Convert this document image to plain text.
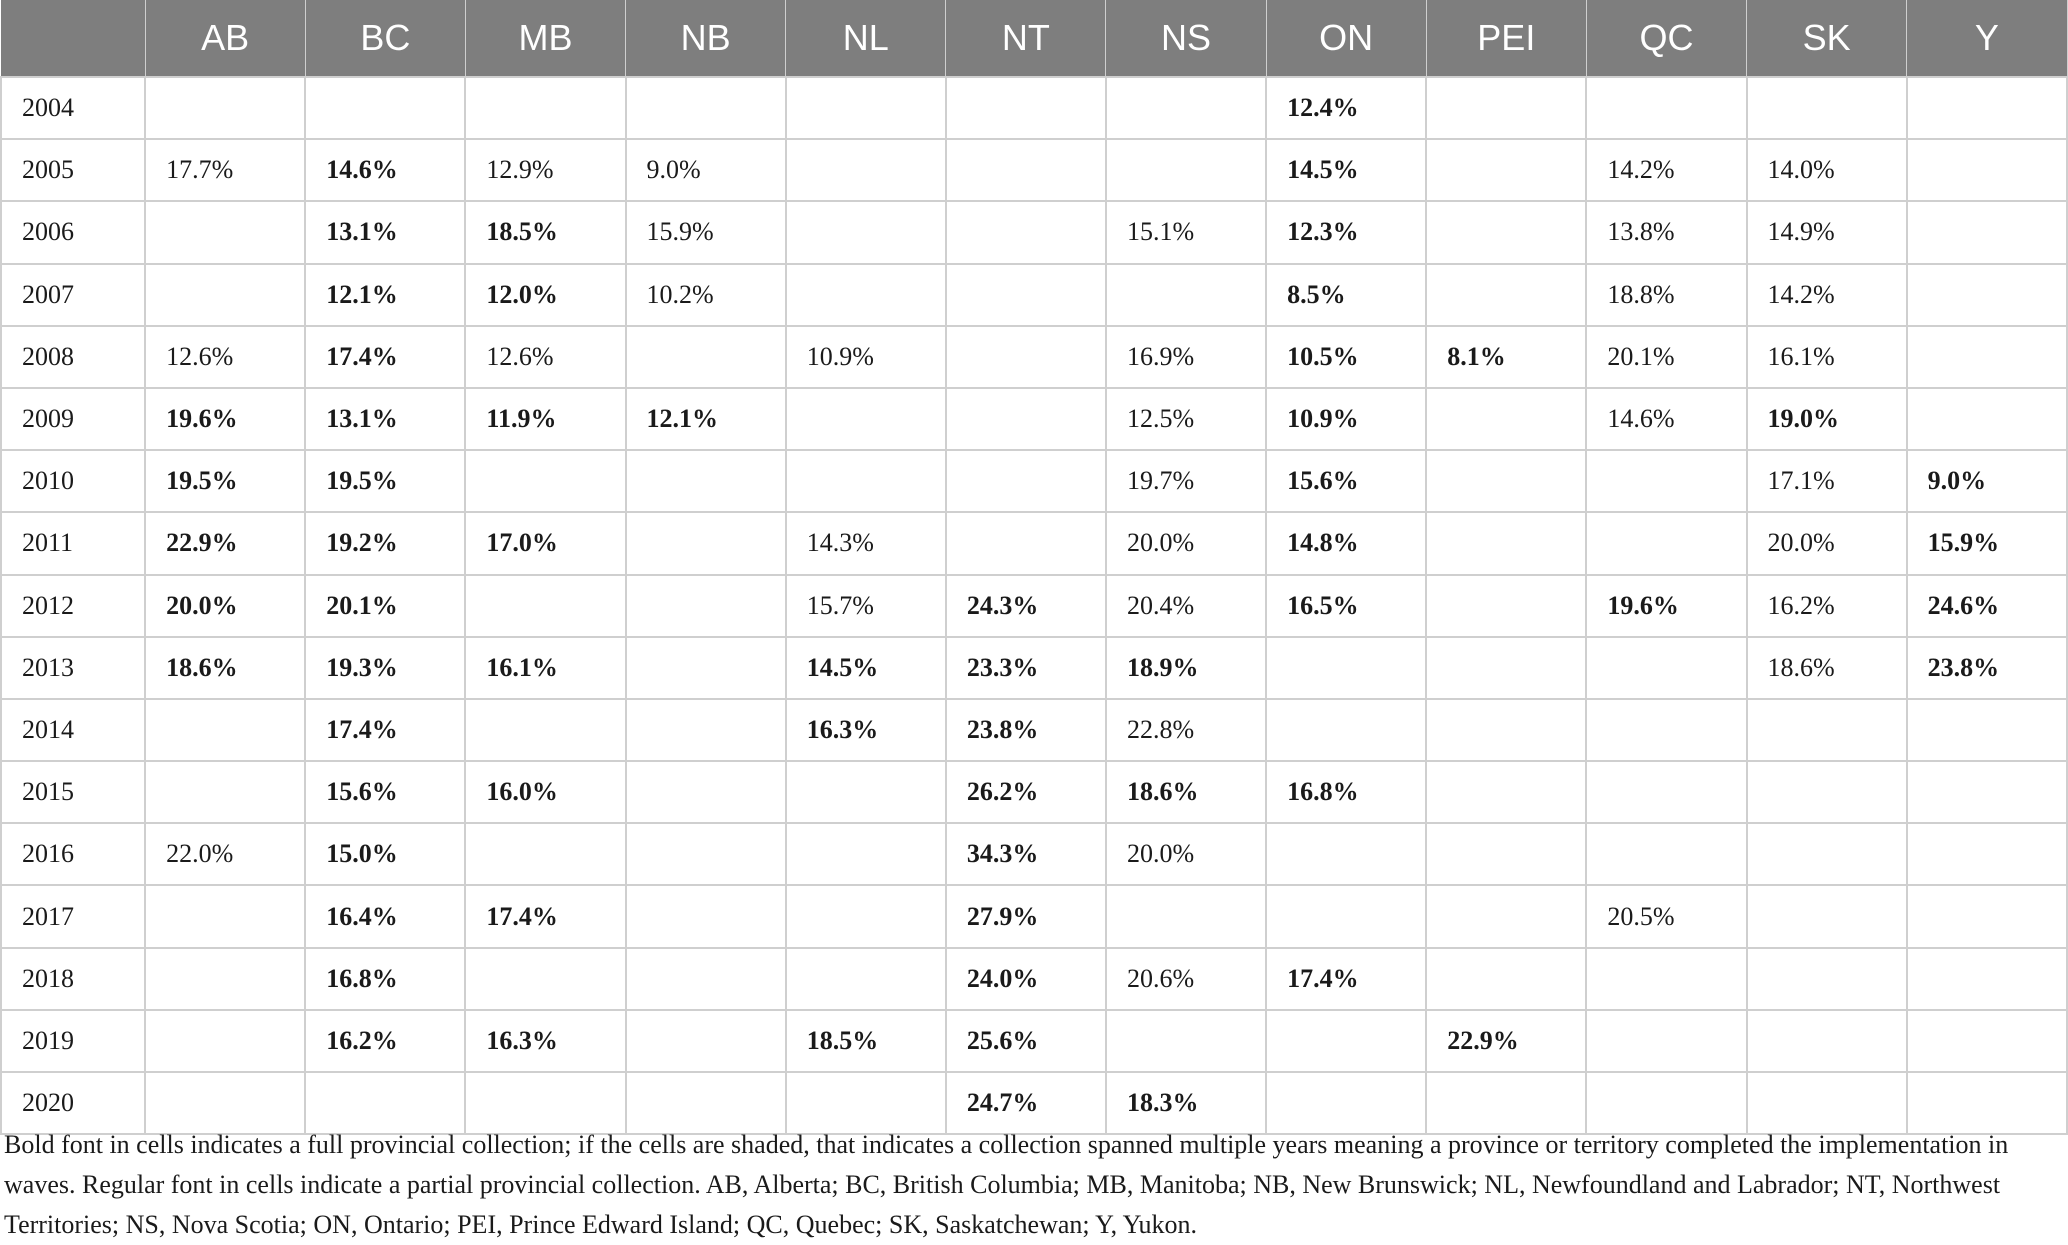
	AB	BC	MB	NB	NL	NT	NS	ON	PEI	QC	SK	Y
2004								12.4%				
2005	17.7%	14.6%	12.9%	9.0%				14.5%		14.2%	14.0%	
2006		13.1%	18.5%	15.9%			15.1%	12.3%		13.8%	14.9%	
2007		12.1%	12.0%	10.2%				8.5%		18.8%	14.2%	
2008	12.6%	17.4%	12.6%		10.9%		16.9%	10.5%	8.1%	20.1%	16.1%	
2009	19.6%	13.1%	11.9%	12.1%			12.5%	10.9%		14.6%	19.0%	
2010	19.5%	19.5%					19.7%	15.6%			17.1%	9.0%
2011	22.9%	19.2%	17.0%		14.3%		20.0%	14.8%			20.0%	15.9%
2012	20.0%	20.1%			15.7%	24.3%	20.4%	16.5%		19.6%	16.2%	24.6%
2013	18.6%	19.3%	16.1%		14.5%	23.3%	18.9%				18.6%	23.8%
2014		17.4%			16.3%	23.8%	22.8%					
2015		15.6%	16.0%			26.2%	18.6%	16.8%				
2016	22.0%	15.0%				34.3%	20.0%					
2017		16.4%	17.4%			27.9%				20.5%		
2018		16.8%				24.0%	20.6%	17.4%				
2019		16.2%	16.3%		18.5%	25.6%			22.9%			
2020						24.7%	18.3%					
Bold font in cells indicates a full provincial collection; if the cells are shaded, that indicates a collection spanned multiple years meaning a province or territory completed the implementation in waves. Regular font in cells indicate a partial provincial collection. AB, Alberta; BC, British Columbia; MB, Manitoba; NB, New Brunswick; NL, Newfoundland and Labrador; NT, Northwest Territories; NS, Nova Scotia; ON, Ontario; PEI, Prince Edward Island; QC, Quebec; SK, Saskatchewan; Y, Yukon.
